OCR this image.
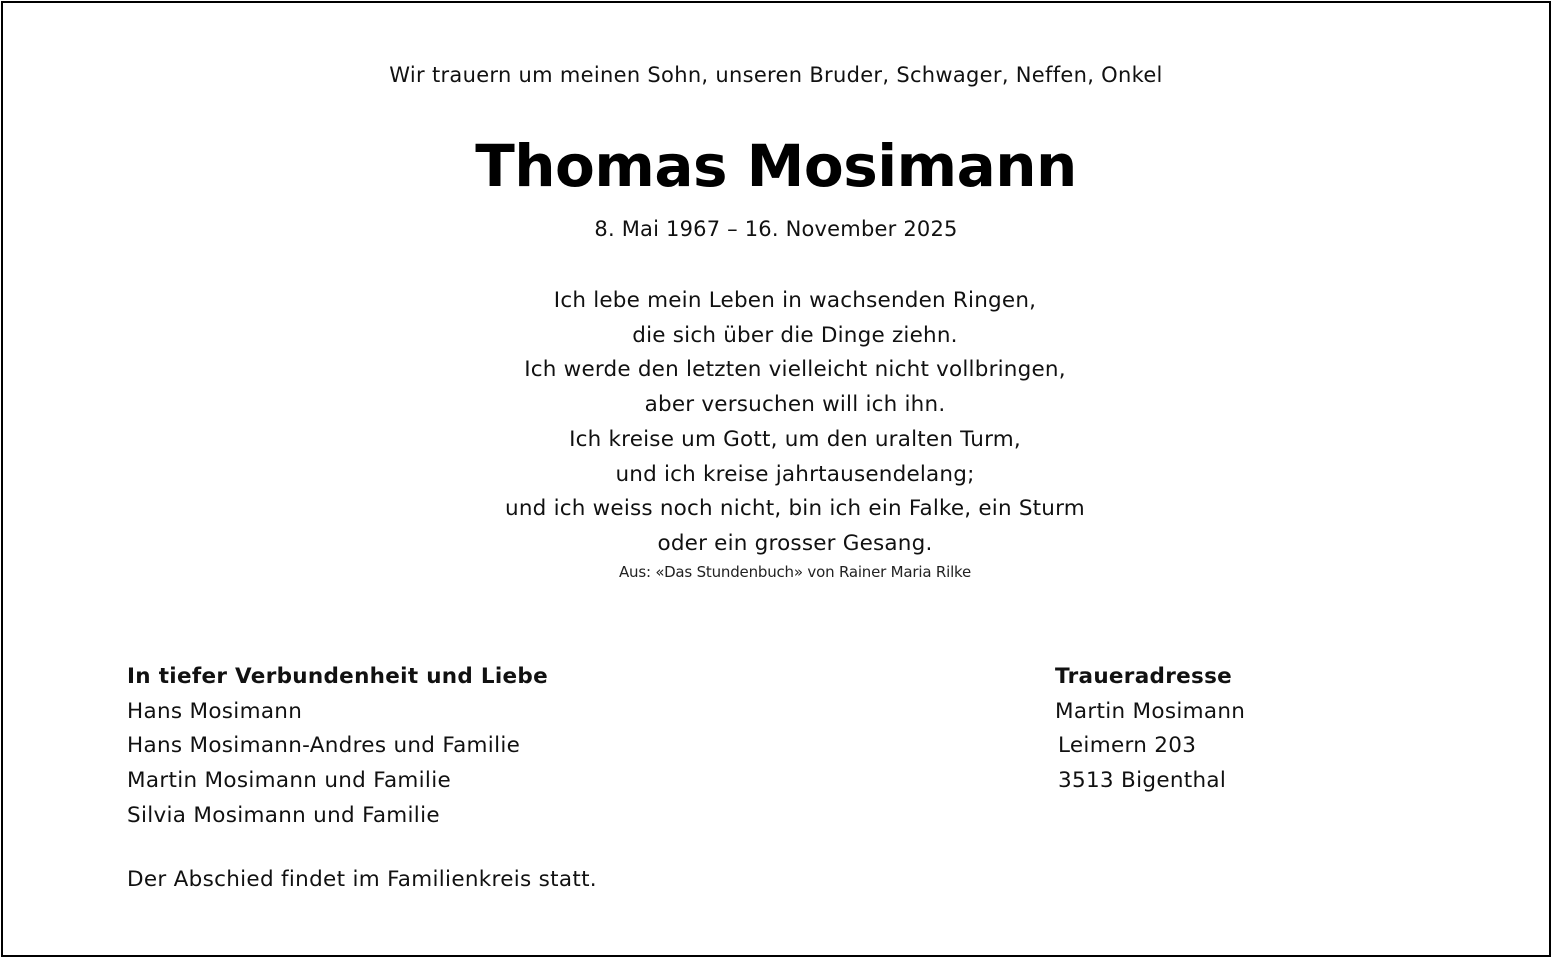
Wir trauern um meinen Sohn, unseren Bruder, Schwager, Neffen, Onkel
Thomas Mosimann
8. Mai 1967 – 16. November 2025
Ich lebe mein Leben in wachsenden Ringen,
die sich über die Dinge ziehn.
Ich werde den letzten vielleicht nicht vollbringen,
aber versuchen will ich ihn.
Ich kreise um Gott, um den uralten Turm,
und ich kreise jahrtausendelang;
und ich weiss noch nicht, bin ich ein Falke, ein Sturm
oder ein grosser Gesang.
Aus: «Das Stundenbuch» von Rainer Maria Rilke
In tiefer Verbundenheit und Liebe
Hans Mosimann
Hans Mosimann-Andres und Familie
Martin Mosimann und Familie
Silvia Mosimann und Familie
Traueradresse
Martin Mosimann
Leimern 203
3513 Bigenthal
Der Abschied findet im Familienkreis statt.
